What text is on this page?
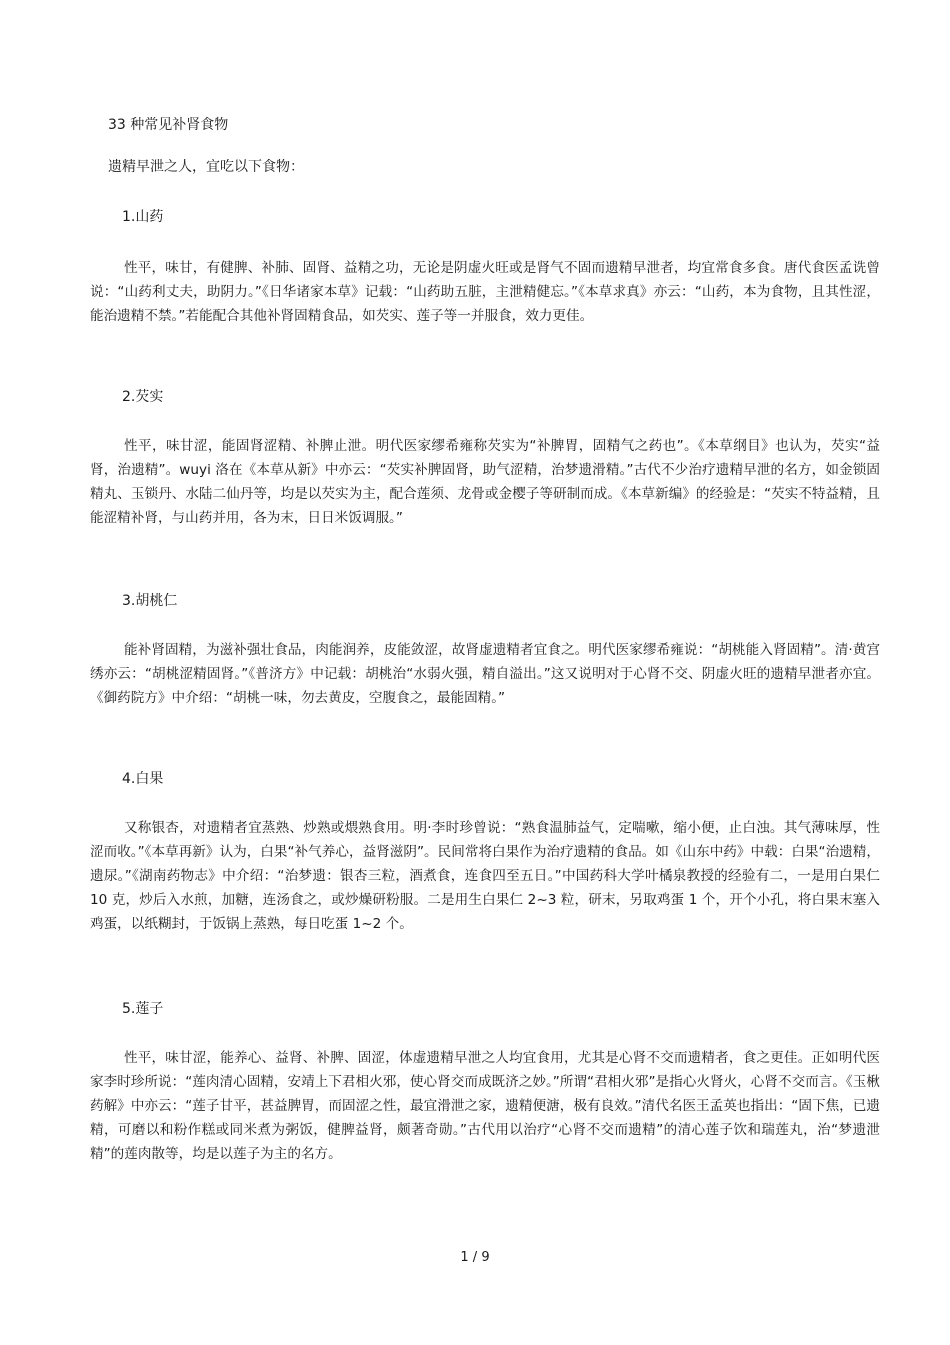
33 种常见补肾食物
遗精早泄之人，宜吃以下食物：
1.山药

性平，味甘，有健脾、补肺、固肾、益精之功，无论是阴虚火旺或是肾气不固而遗精早泄者，均宜常食多食。唐代食医孟诜曾说：“山药利丈夫，助阴力。”《日华诸家本草》记载：“山药助五脏，主泄精健忘。”《本草求真》亦云：“山药，本为食物，且其性涩，能治遗精不禁。”若能配合其他补肾固精食品，如芡实、莲子等一并服食，效力更佳。

2.芡实

性平，味甘涩，能固肾涩精、补脾止泄。明代医家缪希雍称芡实为“补脾胃，固精气之药也”。《本草纲目》也认为，芡实“益肾，治遗精”。wuyi 洛在《本草从新》中亦云：“芡实补脾固肾，助气涩精，治梦遗滑精。”古代不少治疗遗精早泄的名方，如金锁固精丸、玉锁丹、水陆二仙丹等，均是以芡实为主，配合莲须、龙骨或金樱子等研制而成。《本草新编》的经验是：“芡实不特益精，且能涩精补肾，与山药并用，各为末，日日米饭调服。”

3.胡桃仁

能补肾固精，为滋补强壮食品，肉能润养，皮能敛涩，故肾虚遗精者宜食之。明代医家缪希雍说：“胡桃能入肾固精”。清·黄宫绣亦云：“胡桃涩精固肾。”《普济方》中记载：胡桃治“水弱火强，精自溢出。”这又说明对于心肾不交、阴虚火旺的遗精早泄者亦宜。《御药院方》中介绍：“胡桃一味，勿去黄皮，空腹食之，最能固精。”

4.白果

又称银杏，对遗精者宜蒸熟、炒熟或煨熟食用。明·李时珍曾说：“熟食温肺益气，定喘嗽，缩小便，止白浊。其气薄味厚，性涩而收。”《本草再新》认为，白果“补气养心，益肾滋阴”。民间常将白果作为治疗遗精的食品。如《山东中药》中载：白果“治遗精，遗尿。”《湖南药物志》中介绍：“治梦遗：银杏三粒，酒煮食，连食四至五日。”中国药科大学叶橘泉教授的经验有二，一是用白果仁 10 克，炒后入水煎，加糖，连汤食之，或炒燥研粉服。二是用生白果仁 2~3 粒，研末，另取鸡蛋 1 个，开个小孔，将白果末塞入鸡蛋，以纸糊封，于饭锅上蒸熟，每日吃蛋 1~2 个。

5.莲子

性平，味甘涩，能养心、益肾、补脾、固涩，体虚遗精早泄之人均宜食用，尤其是心肾不交而遗精者，食之更佳。正如明代医家李时珍所说：“莲肉清心固精，安靖上下君相火邪，使心肾交而成既济之妙。”所谓“君相火邪”是指心火肾火，心肾不交而言。《玉楸药解》中亦云：“莲子甘平，甚益脾胃，而固涩之性，最宜滑泄之家，遗精便溏，极有良效。”清代名医王孟英也指出：“固下焦，已遗精，可磨以和粉作糕或同米煮为粥饭，健脾益肾，颇著奇勋。”古代用以治疗“心肾不交而遗精”的清心莲子饮和瑞莲丸，治“梦遗泄精”的莲肉散等，均是以莲子为主的名方。

1 / 9
